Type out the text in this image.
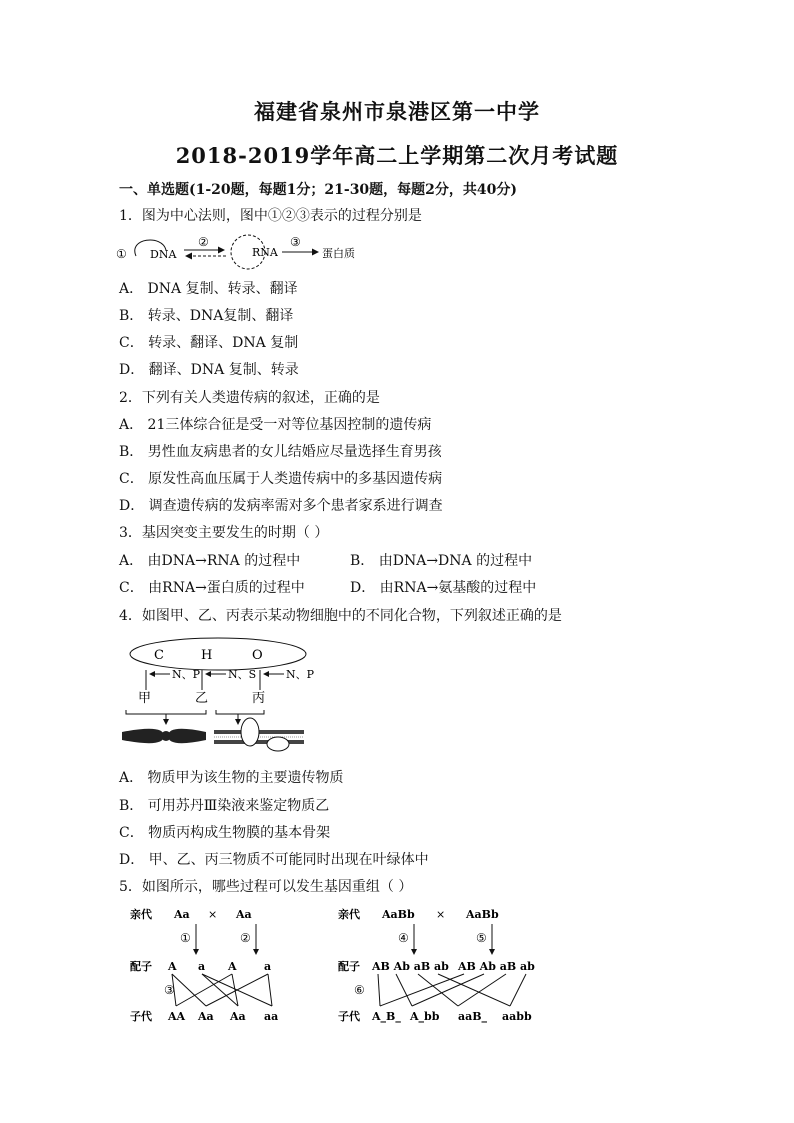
福建省泉州市泉港区第一中学
2018-2019学年高二上学期第二次月考试题
一、单选题(1-20题，每题1分；21-30题，每题2分，共40分)
1．图为中心法则，图中①②③表示的过程分别是
① DNA
②
RNA
③
蛋白质
A． DNA 复制、转录、翻译
B． 转录、DNA复制、翻译
C． 转录、翻译、DNA 复制
D． 翻译、DNA 复制、转录
2．下列有关人类遗传病的叙述，正确的是
A． 21三体综合征是受一对等位基因控制的遗传病
B． 男性血友病患者的女儿结婚应尽量选择生育男孩
C． 原发性高血压属于人类遗传病中的多基因遗传病
D． 调查遗传病的发病率需对多个患者家系进行调查
3．基因突变主要发生的时期（ ）
A． 由DNA→RNA 的过程中	B． 由DNA→DNA 的过程中
C． 由RNA→蛋白质的过程中	D． 由RNA→氨基酸的过程中
4．如图甲、乙、丙表示某动物细胞中的不同化合物，下列叙述正确的是
C	H	O
N、P	N、S	N、P
甲	乙	丙
A． 物质甲为该生物的主要遗传物质
B． 可用苏丹Ⅲ染液来鉴定物质乙
C． 物质丙构成生物膜的基本骨架
D． 甲、乙、丙三物质不可能同时出现在叶绿体中
5．如图所示，哪些过程可以发生基因重组（ ）
亲代 Aa × Aa
①	②
配子 A a A a
③
子代 AA Aa Aa aa
亲代 AaBb × AaBb
④	⑤
配子 AB Ab aB ab AB Ab aB ab
⑥
子代 A_B_ A_bb aaB_ aabb
